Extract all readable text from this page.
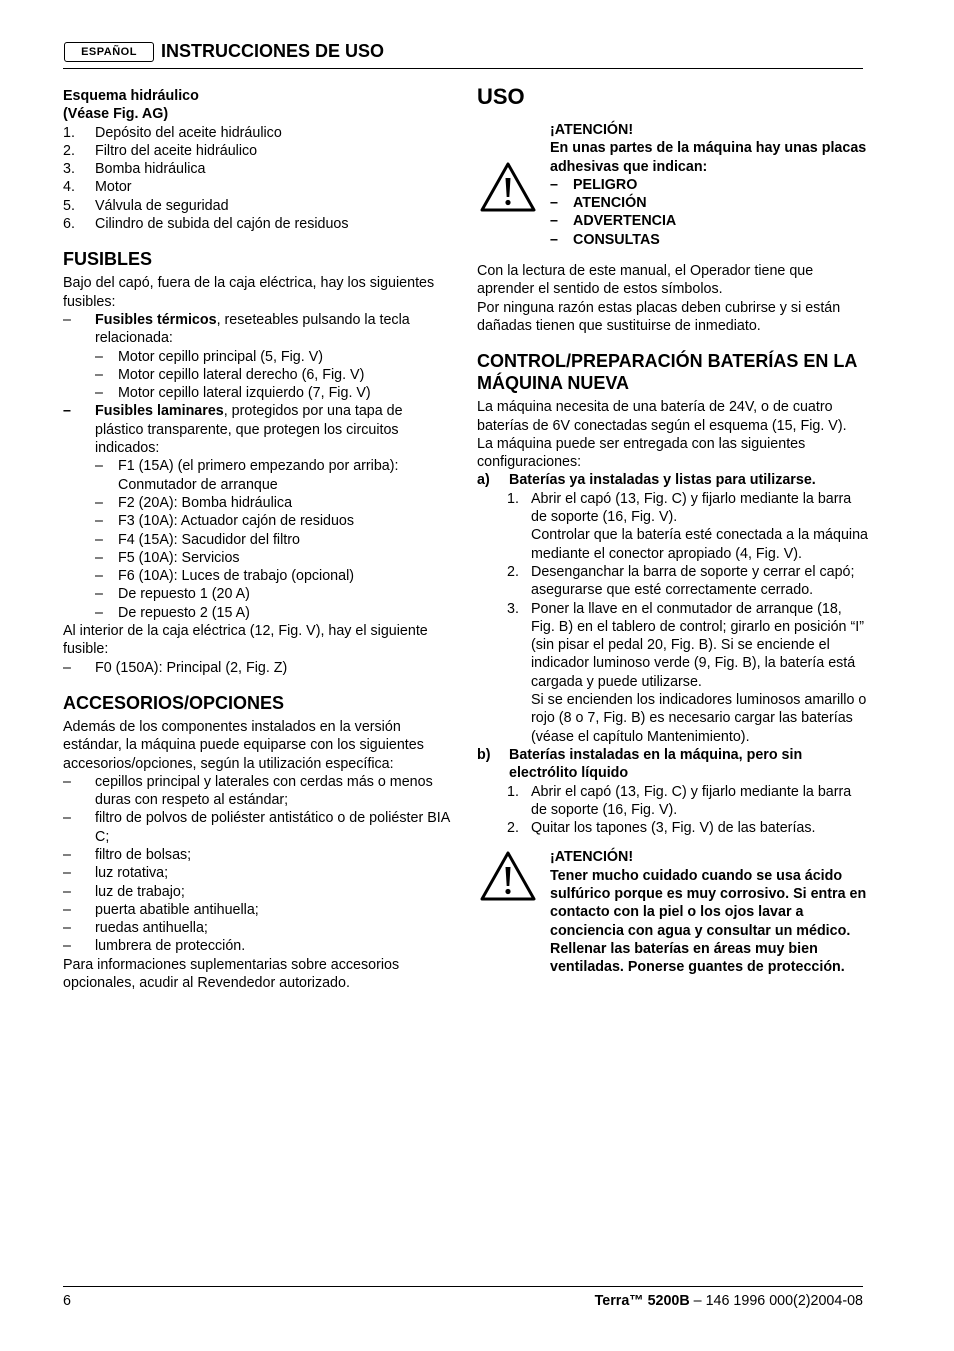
ESPAÑOL	INSTRUCCIONES DE USO
Esquema hidráulico
(Véase Fig. AG)
1.	Depósito del aceite hidráulico
2.	Filtro del aceite hidráulico
3.	Bomba hidráulica
4.	Motor
5.	Válvula de seguridad
6.	Cilindro de subida del cajón de residuos
FUSIBLES
Bajo del capó, fuera de la caja eléctrica, hay los siguientes fusibles:
–	Fusibles térmicos, reseteables pulsando la tecla relacionada:
–	Motor cepillo principal (5, Fig. V)
–	Motor cepillo lateral derecho (6, Fig. V)
–	Motor cepillo lateral izquierdo (7, Fig. V)
–	Fusibles laminares, protegidos por una tapa de plástico transparente, que protegen los circuitos indicados:
–	F1 (15A) (el primero empezando por arriba): Conmutador de arranque
–	F2 (20A): Bomba hidráulica
–	F3 (10A): Actuador cajón de residuos
–	F4 (15A): Sacudidor del filtro
–	F5 (10A): Servicios
–	F6 (10A): Luces de trabajo (opcional)
–	De repuesto 1 (20 A)
–	De repuesto 2 (15 A)
Al interior de la caja eléctrica (12, Fig. V), hay el siguiente fusible:
–	F0 (150A): Principal (2, Fig. Z)
ACCESORIOS/OPCIONES
Además de los componentes instalados en la versión estándar, la máquina puede equiparse con los siguientes accesorios/opciones, según la utilización específica:
–	cepillos principal y laterales con cerdas más o menos duras con respeto al estándar;
–	filtro de polvos de poliéster antistático o de poliéster BIA C;
–	filtro de bolsas;
–	luz rotativa;
–	luz de trabajo;
–	puerta abatible antihuella;
–	ruedas antihuella;
–	lumbrera de protección.
Para informaciones suplementarias sobre accesorios opcionales, acudir al Revendedor autorizado.
USO
¡ATENCIÓN!
En unas partes de la máquina hay unas placas adhesivas que indican:
–	PELIGRO
–	ATENCIÓN
–	ADVERTENCIA
–	CONSULTAS
Con la lectura de este manual, el Operador tiene que aprender el sentido de estos símbolos.
Por ninguna razón estas placas deben cubrirse y si están dañadas tienen que sustituirse de inmediato.
CONTROL/PREPARACIÓN BATERÍAS EN LA MÁQUINA NUEVA
La máquina necesita de una batería de 24V, o de cuatro baterías de 6V conectadas según el esquema (15, Fig. V).
La máquina puede ser entregada con las siguientes configuraciones:
a)	Baterías ya instaladas y listas para utilizarse.
1. Abrir el capó (13, Fig. C) y fijarlo mediante la barra de soporte (16, Fig. V).
Controlar que la batería esté conectada a la máquina mediante el conector apropiado (4, Fig. V).
2. Desenganchar la barra de soporte y cerrar el capó; asegurarse que esté correctamente cerrado.
3. Poner la llave en el conmutador de arranque (18, Fig. B) en el tablero de control; girarlo en posición “I” (sin pisar el pedal 20, Fig. B). Si se enciende el indicador luminoso verde (9, Fig. B), la batería está cargada y puede utilizarse.
Si se encienden los indicadores luminosos amarillo o rojo (8 o 7, Fig. B) es necesario cargar las baterías (véase el capítulo Mantenimiento).
b)	Baterías instaladas en la máquina, pero sin electrólito líquido
1. Abrir el capó (13, Fig. C) y fijarlo mediante la barra de soporte (16, Fig. V).
2. Quitar los tapones (3, Fig. V) de las baterías.
¡ATENCIÓN!
Tener mucho cuidado cuando se usa ácido sulfúrico porque es muy corrosivo. Si entra en contacto con la piel o los ojos lavar a conciencia con agua y consultar un médico. Rellenar las baterías en áreas muy bien ventiladas. Ponerse guantes de protección.
6	Terra™ 5200B – 146 1996 000(2)2004-08
